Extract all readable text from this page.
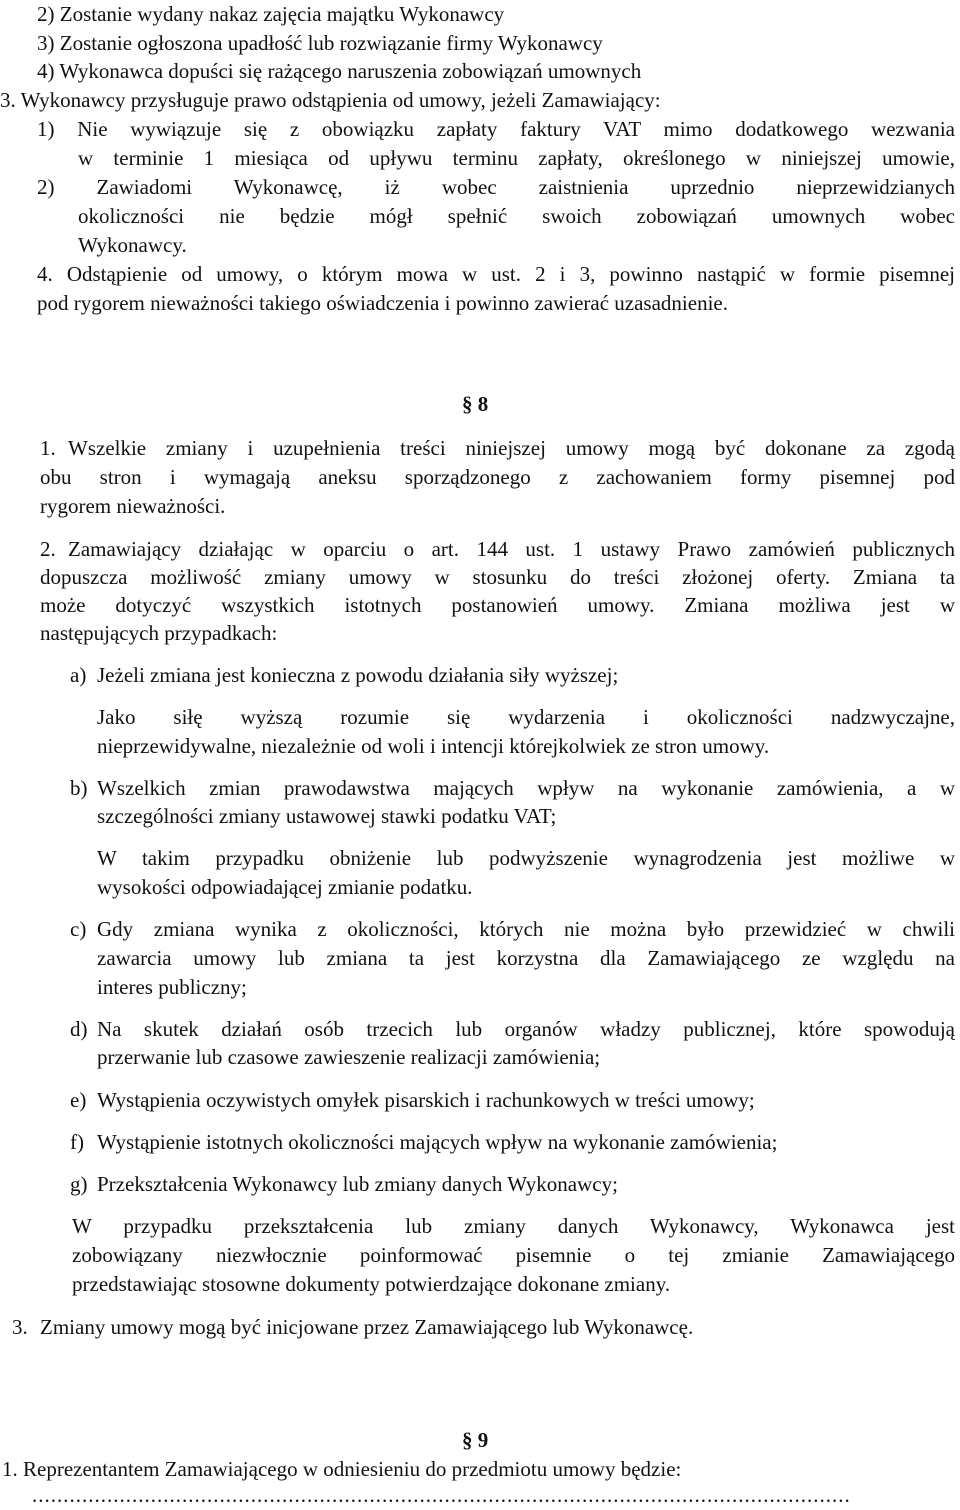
2) Zostanie wydany nakaz zajęcia majątku Wykonawcy
3) Zostanie ogłoszona upadłość lub rozwiązanie firmy Wykonawcy
4) Wykonawca dopuści się rażącego naruszenia zobowiązań umownych
3. Wykonawcy przysługuje prawo odstąpienia od umowy, jeżeli Zamawiający:
1) Nie wywiązuje się z obowiązku zapłaty faktury VAT mimo dodatkowego wezwania
w terminie 1 miesiąca od upływu terminu zapłaty, określonego w niniejszej umowie,
2) Zawiadomi Wykonawcę, iż wobec zaistnienia uprzednio nieprzewidzianych
okoliczności nie będzie mógł spełnić swoich zobowiązań umownych wobec
Wykonawcy.
4. Odstąpienie od umowy, o którym mowa w ust. 2 i 3, powinno nastąpić w formie pisemnej
pod rygorem nieważności takiego oświadczenia i powinno zawierać uzasadnienie.
§ 8
1. Wszelkie zmiany i uzupełnienia treści niniejszej umowy mogą być dokonane za zgodą
obu stron i wymagają aneksu sporządzonego z zachowaniem formy pisemnej pod
rygorem nieważności.
2. Zamawiający działając w oparciu o art. 144 ust. 1 ustawy Prawo zamówień publicznych
dopuszcza możliwość zmiany umowy w stosunku do treści złożonej oferty. Zmiana ta
może dotyczyć wszystkich istotnych postanowień umowy. Zmiana możliwa jest w
następujących przypadkach:
a) Jeżeli zmiana jest konieczna z powodu działania siły wyższej;
Jako siłę wyższą rozumie się wydarzenia i okoliczności nadzwyczajne,
nieprzewidywalne, niezależnie od woli i intencji którejkolwiek ze stron umowy.
b) Wszelkich zmian prawodawstwa mających wpływ na wykonanie zamówienia, a w
szczególności zmiany ustawowej stawki podatku VAT;
W takim przypadku obniżenie lub podwyższenie wynagrodzenia jest możliwe w
wysokości odpowiadającej zmianie podatku.
c) Gdy zmiana wynika z okoliczności, których nie można było przewidzieć w chwili
zawarcia umowy lub zmiana ta jest korzystna dla Zamawiającego ze względu na
interes publiczny;
d) Na skutek działań osób trzecich lub organów władzy publicznej, które spowodują
przerwanie lub czasowe zawieszenie realizacji zamówienia;
e) Wystąpienia oczywistych omyłek pisarskich i rachunkowych w treści umowy;
f) Wystąpienie istotnych okoliczności mających wpływ na wykonanie zamówienia;
g) Przekształcenia Wykonawcy lub zmiany danych Wykonawcy;
W przypadku przekształcenia lub zmiany danych Wykonawcy, Wykonawca jest
zobowiązany niezwłocznie poinformować pisemnie o tej zmianie Zamawiającego
przedstawiając stosowne dokumenty potwierdzające dokonane zmiany.
3. Zmiany umowy mogą być inicjowane przez Zamawiającego lub Wykonawcę.
§ 9
1. Reprezentantem Zamawiającego w odniesieniu do przedmiotu umowy będzie:
...................................................................................................................................
